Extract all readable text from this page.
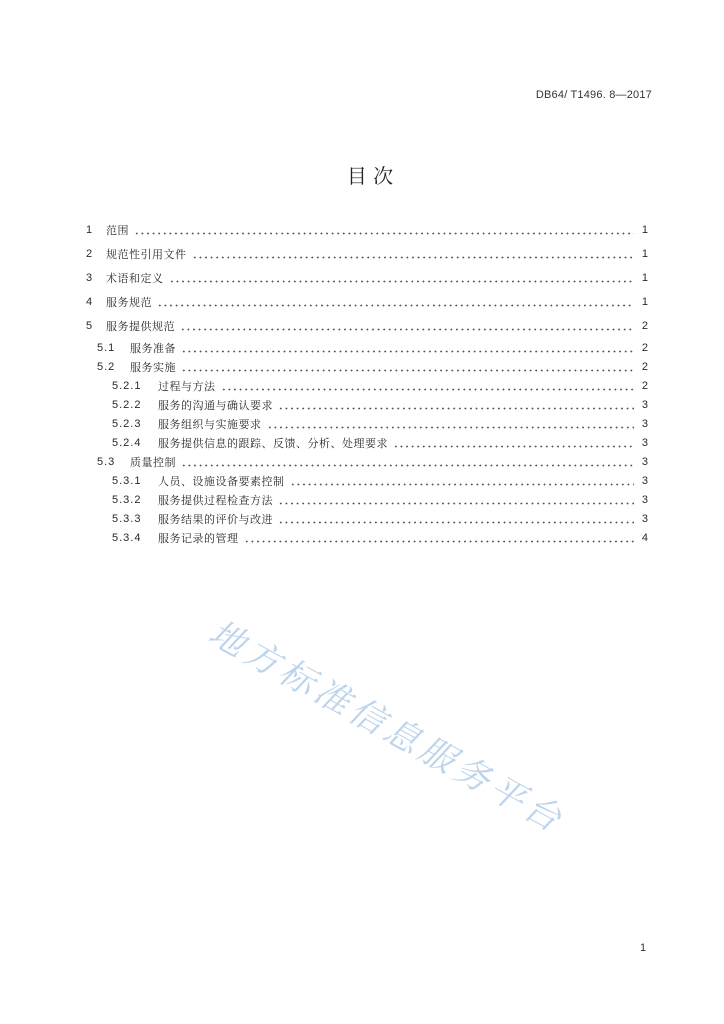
DB64/ T1496. 8—2017
目 次
1	范围	1
2	规范性引用文件	1
3	术语和定义	1
4	服务规范	1
5	服务提供规范	2
5.1	服务准备	2
5.2	服务实施	2
5.2.1	过程与方法	2
5.2.2	服务的沟通与确认要求	3
5.2.3	服务组织与实施要求	3
5.2.4	服务提供信息的跟踪、反馈、分析、处理要求	3
5.3	质量控制	3
5.3.1	人员、设施设备要素控制	3
5.3.2	服务提供过程检查方法	3
5.3.3	服务结果的评价与改进	3
5.3.4	服务记录的管理	4
地方标准信息服务平台
1
